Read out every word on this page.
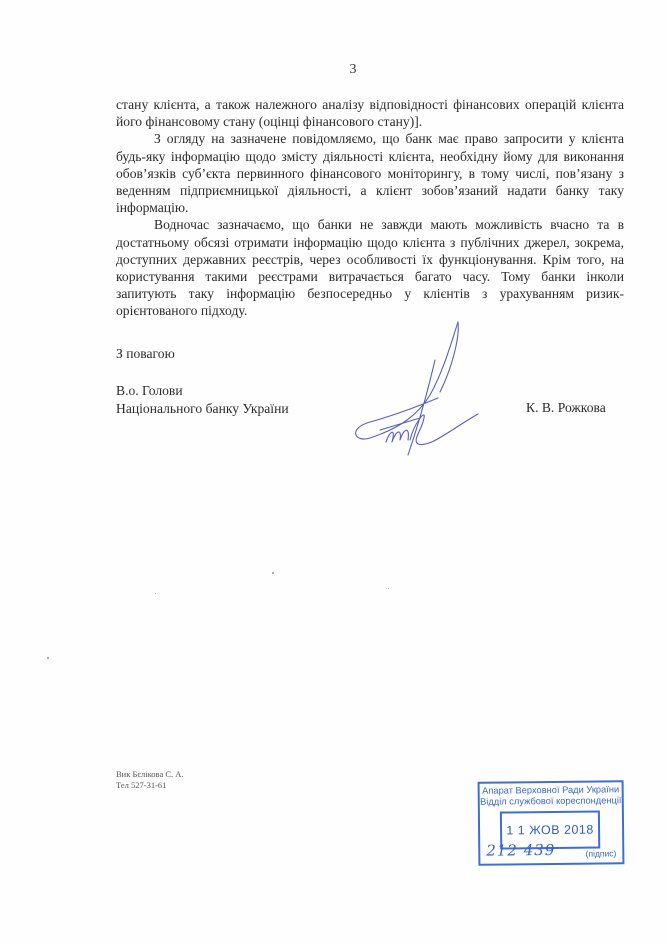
3

стану клієнта, а також належного аналізу відповідності фінансових операцій клієнта його фінансовому стану (оцінці фінансового стану)].

З огляду на зазначене повідомляємо, що банк має право запросити у клієнта будь-яку інформацію щодо змісту діяльності клієнта, необхідну йому для виконання обов’язків суб’єкта первинного фінансового моніторингу, в тому числі, пов’язану з веденням підприємницької діяльності, а клієнт зобов’язаний надати банку таку інформацію.

Водночас зазначаємо, що банки не завжди мають можливість вчасно та в достатньому обсязі отримати інформацію щодо клієнта з публічних джерел, зокрема, доступних державних реєстрів, через особливості їх функціонування. Крім того, на користування такими реєстрами витрачається багато часу. Тому банки інколи запитують таку інформацію безпосередньо у клієнтів з урахуванням ризик-орієнтованого підходу.

З повагою
В.о. Голови
Національного банку України	К. В. Рожкова
Вик Бєлікова С. А.
Тел 527-31-61	Апарат Верховної Ради України
Відділ службової кореспонденції
1 1 ЖОВ 2018
212 439	(підпис)
